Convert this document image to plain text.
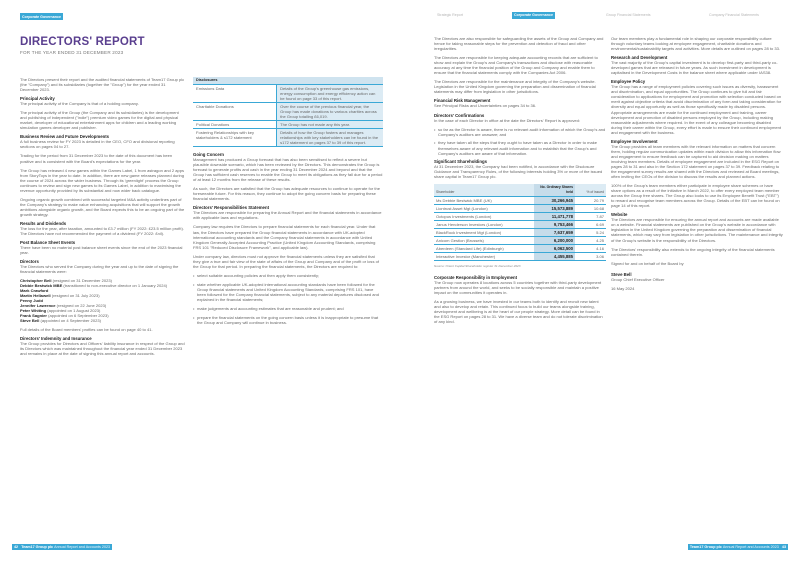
Corporate Governance
DIRECTORS' REPORT
FOR THE YEAR ENDED 31 DECEMBER 2023

The Directors present their report and the audited financial statements of Team17 Group plc (the "Company") and its subsidiaries (together the "Group") for the year ended 31 December 2023.

Principal Activity

The principal activity of the Company is that of a holding company.

The principal activity of the Group (the Company and its subsidiaries) is the development and publishing of independent ("indie") premium video games for the digital and physical market, developer of educational entertainment apps for children and a leading working simulation games developer and publisher.

Business Review and Future Developments

A full business review for FY 2023 is detailed in the CEO, CFO and divisional reporting sections on pages 04 to 27.

Trading for the period from 31 December 2023 to the date of this document has been positive and is consistent with the Board's expectations for the year.

The Group has released 4 new games within the Games Label, 1 from astragon and 2 apps from StoryToys in the year to date. In addition, there are new game releases planned during the course of 2024 across the wider business. Through its 'greenlight' process the Group continues to review and sign new games to its Games Label, in addition to maximising the revenue opportunity provided by its substantial and now wider back catalogue.

Ongoing organic growth combined with successful targeted M&A activity underlines part of the Company's strategy to make value enhancing acquisitions that will support the growth ambitions alongside organic growth, and the Board expects this to be an ongoing part of the growth strategy.

Results and Dividends

The loss for the year, after taxation, amounted to £3.7 million (FY 2022: £23.5 million profit). The Directors have not recommended the payment of a dividend (FY 2022: £nil).

Post Balance Sheet Events

There have been no material post balance sheet events since the end of the 2023 financial year.

Directors

The Directors who served the Company during the year and up to the date of signing the financial statements were:

Christopher Bell (resigned on 31 December 2023)
Debbie Bestwick MBE (transitioned to non-executive director on 1 January 2024)
Mark Crawford
Martin Hellawell (resigned on 31 July 2023)
Penny Judd
Jennifer Lawrence (resigned on 22 June 2023)
Peter Whiting (appointed on 1 August 2023)
Frank Sagnier (appointed on 6 September 2023)
Steve Bell (appointed on 4 September 2023)

Full details of the Board members' profiles can be found on page 40 to 41.

Directors' Indemnity and Insurance

The Group provides for Directors and Officers' liability insurance in respect of the Group and its Directors which was maintained throughout the financial year ended 31 December 2023 and remains in place at the date of signing this annual report and accounts.

Disclosures	
Emissions Data	Details of the Group's greenhouse gas emissions, energy consumption and energy efficiency action can be found on page 33 of this report.
Charitable Donations	Over the course of the previous financial year, the Group has made donations to various charities across the Group totalling £6,019.
Political Donations	The Group has not made any this year.
Fostering Relationships with key stakeholders & s172 statement	Details of how the Group fosters and manages relationships with key stakeholders can be found in the s172 statement on pages 37 to 39 of this report.
Going Concern

Management has produced a Group forecast that has also been sensitised to reflect a severe but plausible downside scenario, which has been reviewed by the Directors. This demonstrates the Group is forecast to generate profits and cash in the year ending 31 December 2024 and beyond and that the Group has sufficient cash reserves to enable the Group to meet its obligations as they fall due for a period of at least 12 months from the release of these results.

As such, the Directors are satisfied that the Group has adequate resources to continue to operate for the foreseeable future. For this reason, they continue to adopt the going concern basis for preparing these financial statements.

Directors' Responsibilities Statement

The Directors are responsible for preparing the Annual Report and the financial statements in accordance with applicable laws and regulations.

Company law requires the Directors to prepare financial statements for each financial year. Under that law, the Directors have prepared the Group financial statements in accordance with UK-adopted international accounting standards and the Company financial statements in accordance with United Kingdom Generally Accepted Accounting Practice (United Kingdom Accounting Standards, comprising FRS 101 "Reduced Disclosure Framework", and applicable law).

Under company law, directors must not approve the financial statements unless they are satisfied that they give a true and fair view of the state of affairs of the Group and Company and of the profit or loss of the Group for that period. In preparing the financial statements, the Directors are required to:

• select suitable accounting policies and then apply them consistently;
• state whether applicable UK-adopted international accounting standards have been followed for the Group financial statements and United Kingdom Accounting Standards, comprising FRS 101, have been followed for the Company financial statements, subject to any material departures disclosed and explained in the financial statements;
• make judgements and accounting estimates that are reasonable and prudent; and
• prepare the financial statements on the going concern basis unless it is inappropriate to presume that the Group and Company will continue in business.
42 Team17 Group plc Annual Report and Accounts 2023
Strategic Report	Corporate Governance	Group Financial Statements	Company Financial Statements

The Directors are also responsible for safeguarding the assets of the Group and Company and hence for taking reasonable steps for the prevention and detection of fraud and other irregularities.

The Directors are responsible for keeping adequate accounting records that are sufficient to show and explain the Group's and Company's transactions and disclose with reasonable accuracy at any time the financial position of the Group and Company and enable them to ensure that the financial statements comply with the Companies Act 2006.

The Directors are responsible for the maintenance and integrity of the Company's website. Legislation in the United Kingdom governing the preparation and dissemination of financial statements may differ from legislation in other jurisdictions.

Financial Risk Management

See Principal Risks and Uncertainties on pages 34 to 36.

Directors' Confirmations

In the case of each Director in office at the date the Directors' Report is approved:

• so far as the Director is aware, there is no relevant audit information of which the Group's and Company's auditors are unaware; and
• they have taken all the steps that they ought to have taken as a Director in order to make themselves aware of any relevant audit information and to establish that the Group's and Company's auditors are aware of that information.
Significant Shareholdings

At 31 December 2023, the Company had been notified, in accordance with the Disclosure Guidance and Transparency Rules, of the following interests holding 3% or more of the issued share capital in Team17 Group plc.

Shareholder	No. Ordinary Shares held	% of issued
Ms Debbie Bestwick MBE (UK)	30,266,945	20.79
Liontrust Asset Mgt (London)	15,573,889	10.68
Octopus Investments (London)	11,471,778	7.87
Janus Henderson Investors (London)	9,753,466	6.69
BlackRock Investment Mgt (London)	7,637,659	5.24
Anicom Gestion (Brussels)	6,200,000	4.25
Aberdeen (Standard Life) (Edinburgh)	6,062,500	4.16
Interactive Investor (Manchester)	4,455,885	3.06
Source: Orient Capital Shareholder register 31 December 2023
Corporate Responsibility in Employment

The Group now operates 8 locations across 5 countries together with third-party development partners from around the world, and seeks to be socially responsible and maintain a positive impact on the communities it operates in.

As a growing business, we have invested in our teams both to identify and recruit new talent and also to develop and retain. This continued focus to build our teams alongside training, development and wellbeing is at the heart of our people strategy. More detail can be found in the ESG Report on pages 28 to 31. We have a diverse team and do not tolerate discrimination of any kind.

Our team members play a fundamental role in shaping our corporate responsibility culture through voluntary teams looking at employee engagement, charitable donations and environmental/sustainability targets and activities. More details are outlined on pages 28 to 33.

Research and Development

The vast majority of the Group's capital investment is to develop first-party and third-party co-developed games that are released in future years. As such investment in development is capitalised in the Development Costs in the balance sheet where applicable under IAS38.

Employee Policy

The Group has a range of employment policies covering such issues as diversity, harassment and discrimination, and equal opportunities. The Group continues to give full and fair consideration to applications for employment and promotion with selection conducted based on merit against objective criteria that avoid discrimination of any form and taking consideration for diversity and equal opportunity as well as those specifically made by disabled persons. Appropriate arrangements are made for the continued employment and training, career development and promotion of disabled persons employed by the Group, including making reasonable adjustments where required. In the event of any colleague becoming disabled during their career within the Group, every effort is made to ensure their continued employment and engagement with the business.

Employee Involvement

The Group provides all team members with the relevant information on matters that concern them, holding regular communication updates within each division to allow this information flow and engagement to ensure feedback can be captured to aid decision making on matters involving team members. Details of employee engagement are included in the ESG Report on pages 28 to 31 and also in the Section 172 statement on pages 37 to 39. Feedback relating to the engagement survey results are shared with the Directors and reviewed at Board meetings, often inviting the CEOs of the division to discuss the results and planned actions.

100% of the Group's team members either participate in employee share schemes or have share options as a result of the initiative in March 2022, to offer every employed team member across the Group free shares. The Group also looks to use its Employee Benefit Trust ("EBT") to reward and recognise team members across the Group. Details of the EBT can be found on page 14 of this report.

Website

The Directors are responsible for ensuring the annual report and accounts are made available on a website. Financial statements are published on the Group's website in accordance with legislation in the United Kingdom governing the preparation and dissemination of financial statements, which may vary from legislation in other jurisdictions. The maintenance and integrity of the Group's website is the responsibility of the Directors.

The Directors' responsibility also extends to the ongoing integrity of the financial statements contained therein.

Signed for and on behalf of the Board by

Steve Bell

Group Chief Executive Officer

16 May 2024

Team17 Group plc Annual Report and Accounts 2023 43
